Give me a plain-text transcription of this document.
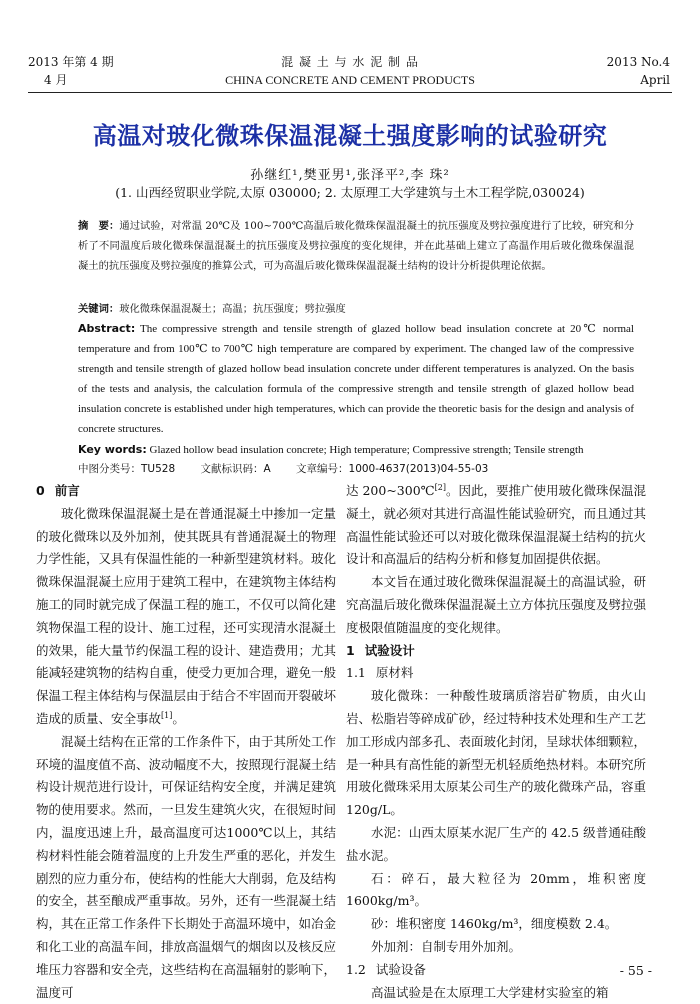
2013 年第 4 期
4 月
混 凝 土 与 水 泥 制 品
CHINA CONCRETE AND CEMENT PRODUCTS
2013 No.4
April
高温对玻化微珠保温混凝土强度影响的试验研究
孙继红¹,樊亚男¹,张泽平²,李 珠²
(1. 山西经贸职业学院,太原 030000; 2. 太原理工大学建筑与土木工程学院,030024)
摘　要：通过试验，对常温 20℃及 100~700℃高温后玻化微珠保温混凝土的抗压强度及劈拉强度进行了比较，研究和分析了不同温度后玻化微珠保温混凝土的抗压强度及劈拉强度的变化规律，并在此基础上建立了高温作用后玻化微珠保温混凝土的抗压强度及劈拉强度的推算公式，可为高温后玻化微珠保温混凝土结构的设计分析提供理论依据。
关键词：玻化微珠保温混凝土；高温；抗压强度；劈拉强度
Abstract: The compressive strength and tensile strength of glazed hollow bead insulation concrete at 20℃ normal temperature and from 100℃ to 700℃ high temperature are compared by experiment. The changed law of the compressive strength and tensile strength of glazed hollow bead insulation concrete under different temperatures is analyzed. On the basis of the tests and analysis, the calculation formula of the compressive strength and tensile strength of glazed hollow bead insulation concrete is established under high temperatures, which can provide the theoretic basis for the design and analysis of concrete structures.
Key words: Glazed hollow bead insulation concrete; High temperature; Compressive strength; Tensile strength
中图分类号：TU528 文献标识码：A 文章编号：1000-4637(2013)04-55-03
0 前言

玻化微珠保温混凝土是在普通混凝土中掺加一定量的玻化微珠以及外加剂，使其既具有普通混凝土的物理力学性能，又具有保温性能的一种新型建筑材料。玻化微珠保温混凝土应用于建筑工程中，在建筑物主体结构施工的同时就完成了保温工程的施工，不仅可以简化建筑物保温工程的设计、施工过程，还可实现清水混凝土的效果，能大量节约保温工程的设计、建造费用；尤其能减轻建筑物的结构自重，使受力更加合理，避免一般保温工程主体结构与保温层由于结合不牢固而开裂破坏造成的质量、安全事故[1]。

混凝土结构在正常的工作条件下，由于其所处工作环境的温度值不高、波动幅度不大，按照现行混凝土结构设计规范进行设计，可保证结构安全度，并满足建筑物的使用要求。然而，一旦发生建筑火灾，在很短时间内，温度迅速上升，最高温度可达1000℃以上，其结构材料性能会随着温度的上升发生严重的恶化，并发生剧烈的应力重分布，使结构的性能大大削弱，危及结构的安全，甚至酿成严重事故。另外，还有一些混凝土结构，其在正常工作条件下长期处于高温环境中，如冶金和化工业的高温车间，排放高温烟气的烟囱以及核反应堆压力容器和安全壳，这些结构在高温辐射的影响下，温度可

达 200~300℃[2]。因此，要推广使用玻化微珠保温混凝土，就必须对其进行高温性能试验研究，而且通过其高温性能试验还可以对玻化微珠保温混凝土结构的抗火设计和高温后的结构分析和修复加固提供依据。

本文旨在通过玻化微珠保温混凝土的高温试验，研究高温后玻化微珠保温混凝土立方体抗压强度及劈拉强度极限值随温度的变化规律。

1 试验设计
1.1 原材料

玻化微珠：一种酸性玻璃质溶岩矿物质，由火山岩、松脂岩等碎成矿砂，经过特种技术处理和生产工艺加工形成内部多孔、表面玻化封闭，呈球状体细颗粒，是一种具有高性能的新型无机轻质绝热材料。本研究所用玻化微珠采用太原某公司生产的玻化微珠产品，容重 120g/L。

水泥：山西太原某水泥厂生产的 42.5 级普通硅酸盐水泥。

石：碎石，最大粒径为 20mm，堆积密度 1600kg/m³。

砂：堆积密度 1460kg/m³，细度模数 2.4。

外加剂：自制专用外加剂。

1.2 试验设备

高温试验是在太原理工大学建材实验室的箱

- 55 -
